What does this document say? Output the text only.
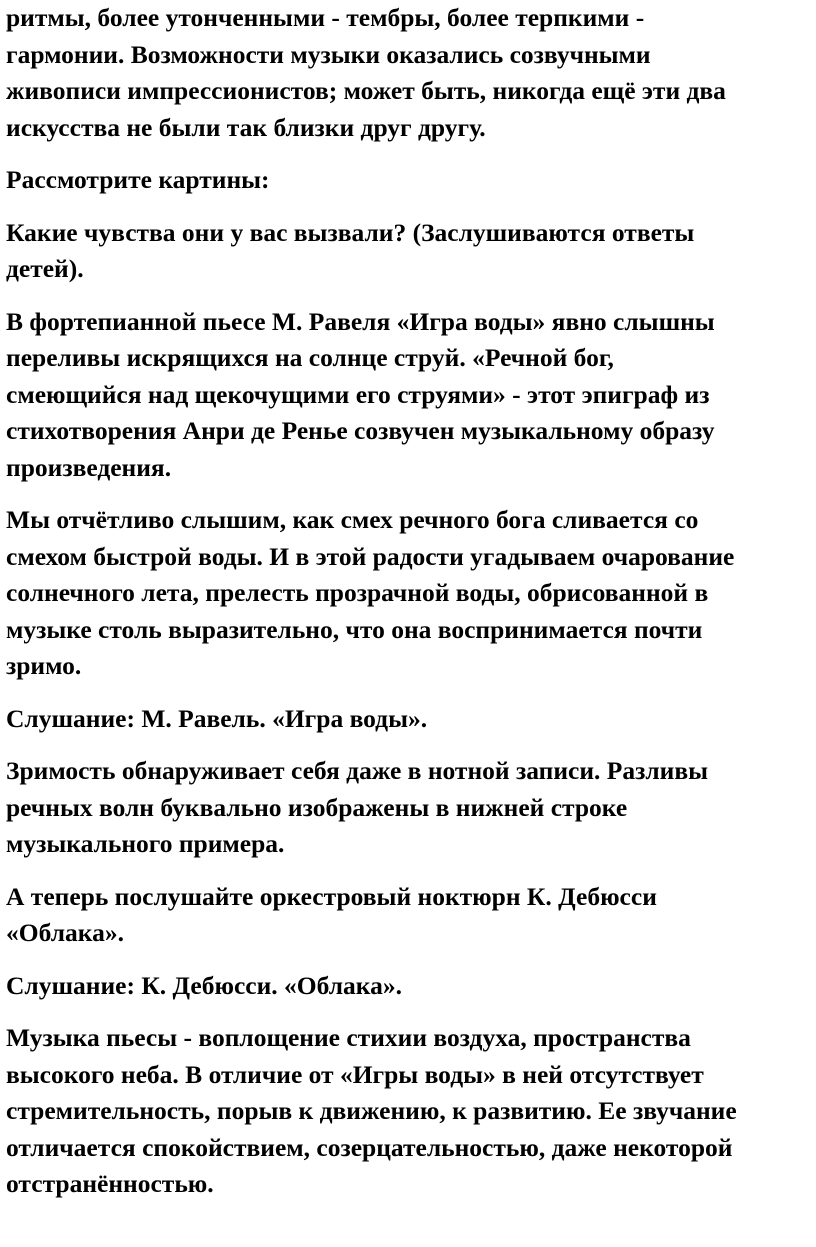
ритмы, более утонченными - тембры, более терпкими -
гармонии. Возможности музыки оказались созвучными
живописи импрессионистов; может быть, никогда ещё эти два
искусства не были так близки друг другу.
Рассмотрите картины:
Какие чувства они у вас вызвали? (Заслушиваются ответы
детей).
В фортепианной пьесе М. Равеля «Игра воды» явно слышны
переливы искрящихся на солнце струй. «Речной бог,
смеющийся над щекочущими его струями» - этот эпиграф из
стихотворения Анри де Ренье созвучен музыкальному образу
произведения.
Мы отчётливо слышим, как смех речного бога сливается со
смехом быстрой воды. И в этой радости угадываем очарование
солнечного лета, прелесть прозрачной воды, обрисованной в
музыке столь выразительно, что она воспринимается почти
зримо.
Слушание: М. Равель. «Игра воды».
Зримость обнаруживает себя даже в нотной записи. Разливы
речных волн буквально изображены в нижней строке
музыкального примера.
А теперь послушайте оркестровый ноктюрн К. Дебюсси
«Облака».
Слушание: К. Дебюсси. «Облака».
Музыка пьесы - воплощение стихии воздуха, пространства
высокого неба. В отличие от «Игры воды» в ней отсутствует
стремительность, порыв к движению, к развитию. Ее звучание
отличается спокойствием, созерцательностью, даже некоторой
отстранённостью.
